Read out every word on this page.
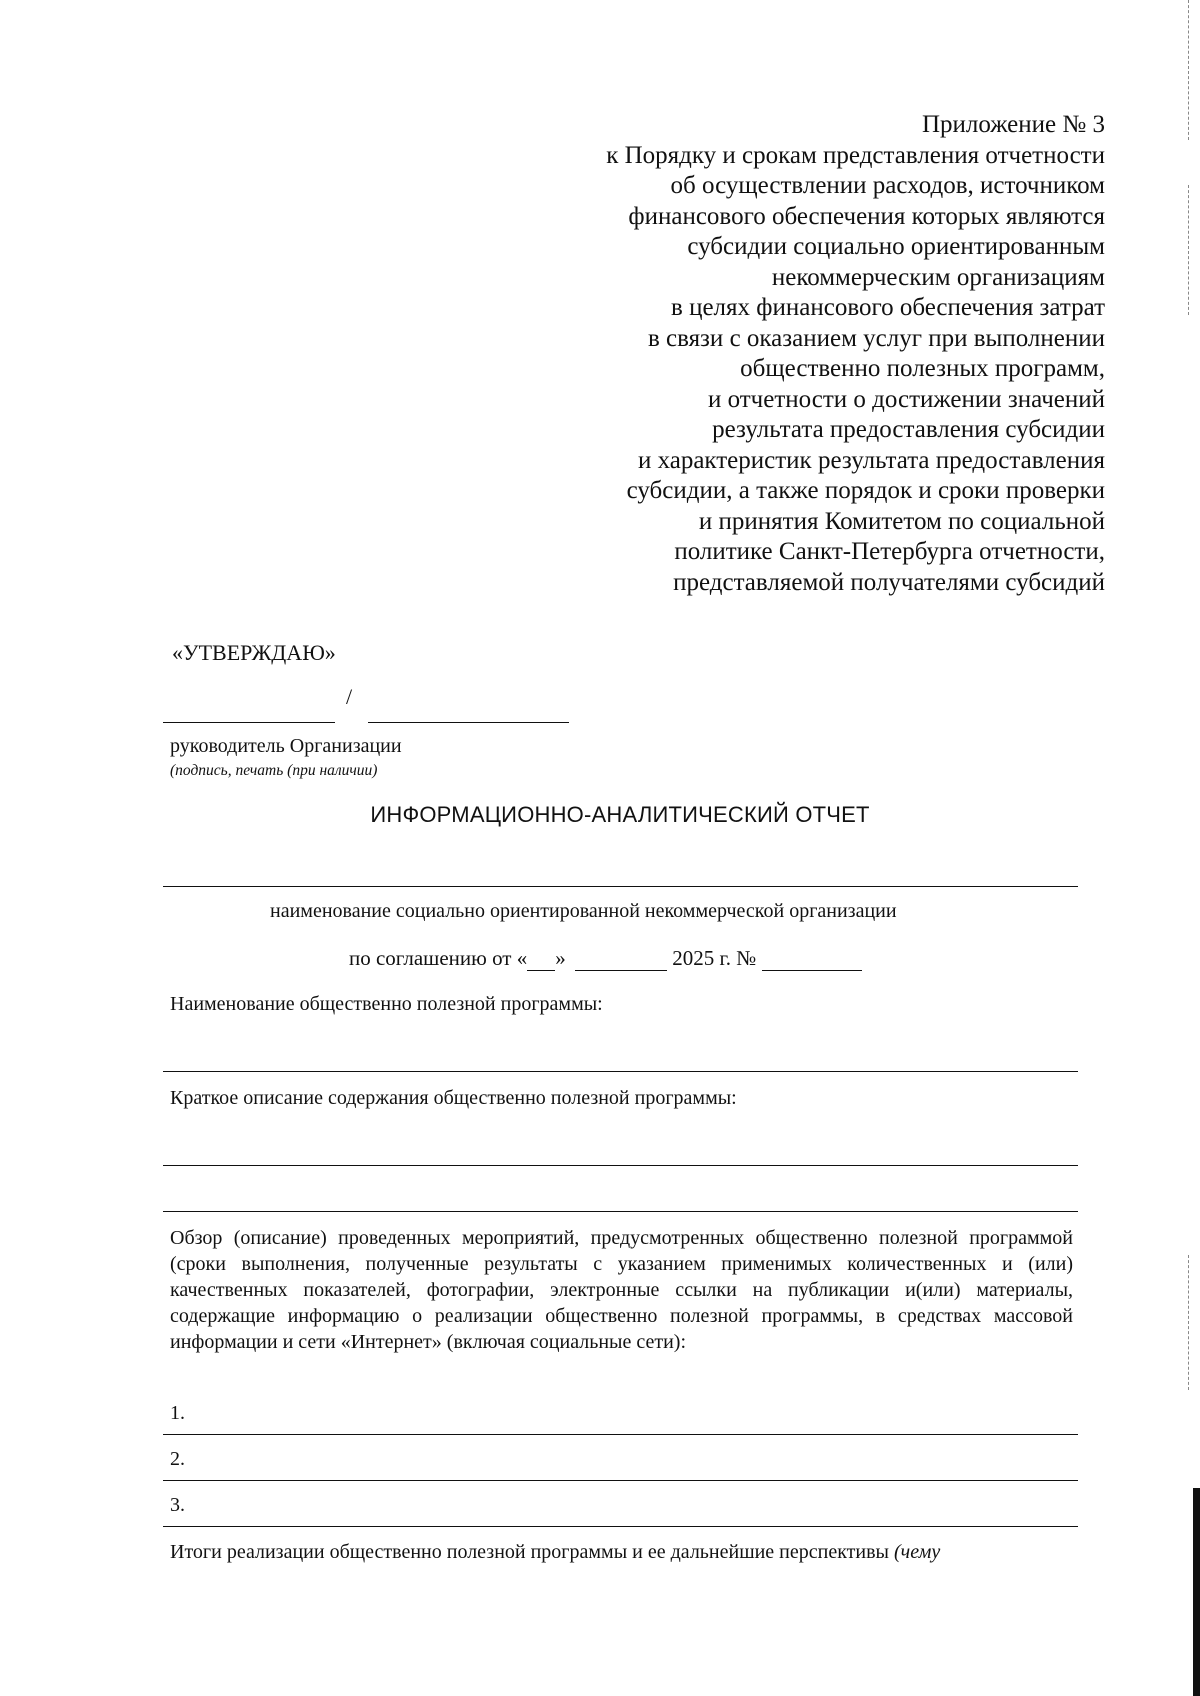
Приложение № 3
к Порядку и срокам представления отчетности
об осуществлении расходов, источником
финансового обеспечения которых являются
субсидии социально ориентированным
некоммерческим организациям
в целях финансового обеспечения затрат
в связи с оказанием услуг при выполнении
общественно полезных программ,
и отчетности о достижении значений
результата предоставления субсидии
и характеристик результата предоставления
субсидии, а также порядок и сроки проверки
и принятия Комитетом по социальной
политике Санкт-Петербурга отчетности,
представляемой получателями субсидий
«УТВЕРЖДАЮ»
/
руководитель Организации
(подпись, печать (при наличии)
ИНФОРМАЦИОННО-АНАЛИТИЧЕСКИЙ ОТЧЕТ
наименование социально ориентированной некоммерческой организации
по соглашению от « »	2025 г. №
Наименование общественно полезной программы:
Краткое описание содержания общественно полезной программы:
Обзор (описание) проведенных мероприятий, предусмотренных общественно полезной программой (сроки выполнения, полученные результаты с указанием применимых количественных и (или) качественных показателей, фотографии, электронные ссылки на публикации и(или) материалы, содержащие информацию о реализации общественно полезной программы, в средствах массовой информации и сети «Интернет» (включая социальные сети):
1.
2.
3.
Итоги реализации общественно полезной программы и ее дальнейшие перспективы (чему
